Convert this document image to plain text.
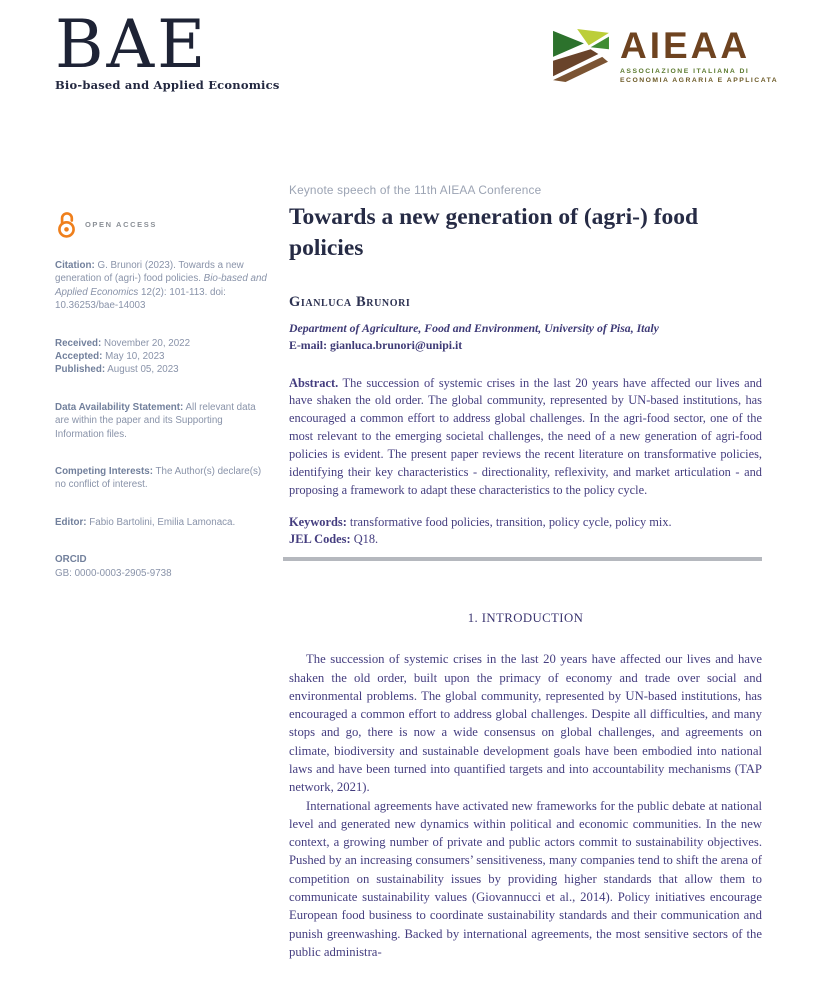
BAE
Bio-based and Applied Economics
AIEAA
ASSOCIAZIONE ITALIANA DI
ECONOMIA AGRARIA E APPLICATA
OPEN ACCESS
Citation: G. Brunori (2023). Towards a new generation of (agri-) food policies. Bio-based and Applied Economics 12(2): 101-113. doi: 10.36253/bae-14003
Received: November 20, 2022
Accepted: May 10, 2023
Published: August 05, 2023
Data Availability Statement: All relevant data are within the paper and its Supporting Information files.
Competing Interests: The Author(s) declare(s) no conflict of interest.
Editor: Fabio Bartolini, Emilia Lamonaca.
ORCID
GB: 0000-0003-2905-9738
Keynote speech of the 11th AIEAA Conference
Towards a new generation of (agri-) food policies
Gianluca Brunori
Department of Agriculture, Food and Environment, University of Pisa, Italy
E-mail: gianluca.brunori@unipi.it

Abstract. The succession of systemic crises in the last 20 years have affected our lives and have shaken the old order. The global community, represented by UN-based institutions, has encouraged a common effort to address global challenges. In the agri-food sector, one of the most relevant to the emerging societal challenges, the need of a new generation of agri-food policies is evident. The present paper reviews the recent literature on transformative policies, identifying their key characteristics - directionality, reflexivity, and market articulation - and proposing a framework to adapt these characteristics to the policy cycle.

Keywords: transformative food policies, transition, policy cycle, policy mix.
JEL Codes: Q18.
1. INTRODUCTION

The succession of systemic crises in the last 20 years have affected our lives and have shaken the old order, built upon the primacy of economy and trade over social and environmental problems. The global community, represented by UN-based institutions, has encouraged a common effort to address global challenges. Despite all difficulties, and many stops and go, there is now a wide consensus on global challenges, and agreements on climate, biodiversity and sustainable development goals have been embodied into national laws and have been turned into quantified targets and into accountability mechanisms (TAP network, 2021).

International agreements have activated new frameworks for the public debate at national level and generated new dynamics within political and economic communities. In the new context, a growing number of private and public actors commit to sustainability objectives. Pushed by an increasing consumers’ sensitiveness, many companies tend to shift the arena of competition on sustainability issues by providing higher standards that allow them to communicate sustainability values (Giovannucci et al., 2014). Policy initiatives encourage European food business to coordinate sustainability standards and their communication and punish greenwashing. Backed by international agreements, the most sensitive sectors of the public administra-
